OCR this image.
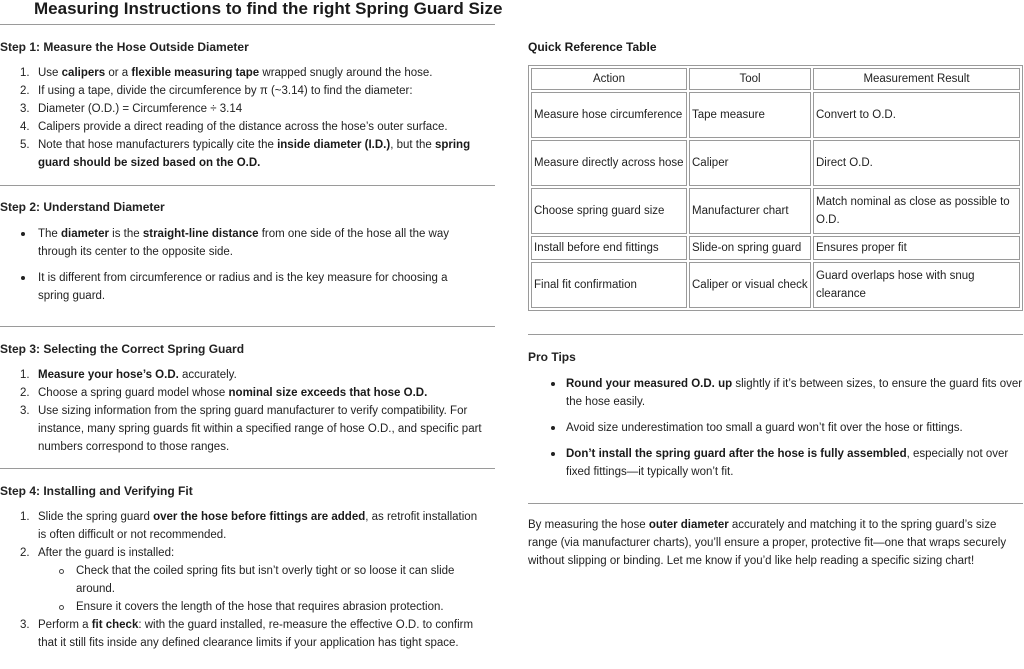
Measuring Instructions to find the right Spring Guard Size
Step 1: Measure the Hose Outside Diameter
1. Use calipers or a flexible measuring tape wrapped snugly around the hose.
2. If using a tape, divide the circumference by π (~3.14) to find the diameter:
3. Diameter (O.D.) = Circumference ÷ 3.14
4. Calipers provide a direct reading of the distance across the hose’s outer surface.
5. Note that hose manufacturers typically cite the inside diameter (I.D.), but the spring guard should be sized based on the O.D.
Step 2: Understand Diameter
The diameter is the straight-line distance from one side of the hose all the way through its center to the opposite side.
It is different from circumference or radius and is the key measure for choosing a spring guard.
Step 3: Selecting the Correct Spring Guard
1. Measure your hose’s O.D. accurately.
2. Choose a spring guard model whose nominal size exceeds that hose O.D.
3. Use sizing information from the spring guard manufacturer to verify compatibility. For instance, many spring guards fit within a specified range of hose O.D., and specific part numbers correspond to those ranges.
Step 4: Installing and Verifying Fit
1. Slide the spring guard over the hose before fittings are added, as retrofit installation is often difficult or not recommended.
2. After the guard is installed:
Check that the coiled spring fits but isn’t overly tight or so loose it can slide around.
Ensure it covers the length of the hose that requires abrasion protection.
3. Perform a fit check: with the guard installed, re-measure the effective O.D. to confirm that it still fits inside any defined clearance limits if your application has tight space.
Quick Reference Table
Action	Tool	Measurement Result
Measure hose circumference	Tape measure	Convert to O.D.
Measure directly across hose	Caliper	Direct O.D.
Choose spring guard size	Manufacturer chart	Match nominal as close as possible to O.D.
Install before end fittings	Slide-on spring guard	Ensures proper fit
Final fit confirmation	Caliper or visual check	Guard overlaps hose with snug clearance
Pro Tips
Round your measured O.D. up slightly if it’s between sizes, to ensure the guard fits over the hose easily.
Avoid size underestimation too small a guard won’t fit over the hose or fittings.
Don’t install the spring guard after the hose is fully assembled, especially not over fixed fittings—it typically won’t fit.

By measuring the hose outer diameter accurately and matching it to the spring guard’s size range (via manufacturer charts), you’ll ensure a proper, protective fit—one that wraps securely without slipping or binding. Let me know if you’d like help reading a specific sizing chart!
